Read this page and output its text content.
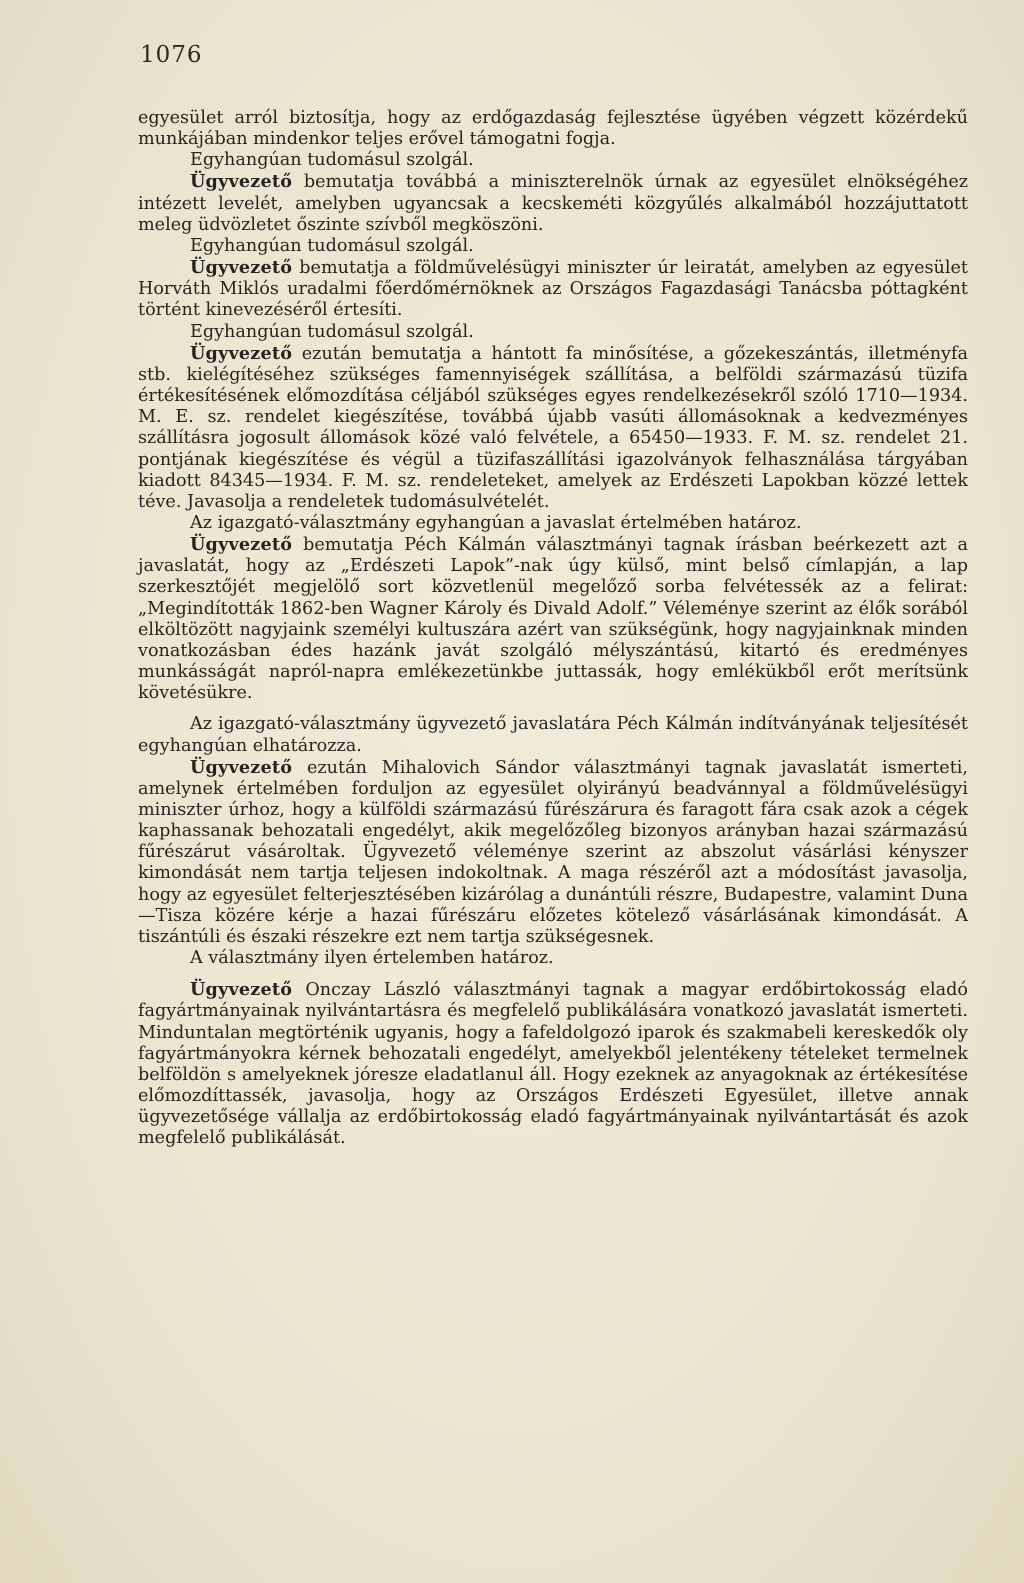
1076

egyesület arról biztosítja, hogy az erdőgazdaság fejlesztése ügyében végzett közérdekű munkájában mindenkor teljes erővel támogatni fogja.

Egyhangúan tudomásul szolgál.

Ügyvezető bemutatja továbbá a miniszterelnök úrnak az egyesület elnökségéhez intézett levelét, amelyben ugyancsak a kecskeméti közgyűlés alkalmából hozzájuttatott meleg üdvözletet őszinte szívből megköszöni.

Egyhangúan tudomásul szolgál.

Ügyvezető bemutatja a földművelésügyi miniszter úr leiratát, amelyben az egyesület Horváth Miklós uradalmi főerdőmérnöknek az Országos Fagazdasági Tanácsba póttagként történt kinevezéséről értesíti.

Egyhangúan tudomásul szolgál.

Ügyvezető ezután bemutatja a hántott fa minősítése, a gőzekeszántás, illetményfa stb. kielégítéséhez szükséges famennyiségek szállítása, a belföldi származású tüzifa értékesítésének előmozdítása céljából szükséges egyes rendelkezésekről szóló 1710—1934. M. E. sz. rendelet kiegészítése, továbbá újabb vasúti állomásoknak a kedvezményes szállításra jogosult állomások közé való felvétele, a 65450—1933. F. M. sz. rendelet 21. pontjának kiegészítése és végül a tüzifaszállítási igazolványok felhasználása tárgyában kiadott 84345—1934. F. M. sz. rendeleteket, amelyek az Erdészeti Lapokban közzé lettek téve. Javasolja a rendeletek tudomásulvételét.

Az igazgató-választmány egyhangúan a javaslat értelmében határoz.

Ügyvezető bemutatja Péch Kálmán választmányi tagnak írásban beérkezett azt a javaslatát, hogy az „Erdészeti Lapok”-nak úgy külső, mint belső címlapján, a lap szerkesztőjét megjelölő sort közvetlenül megelőző sorba felvétessék az a felirat: „Megindították 1862-ben Wagner Károly és Divald Adolf.” Véleménye szerint az élők sorából elköltözött nagyjaink személyi kultuszára azért van szükségünk, hogy nagyjainknak minden vonatkozásban édes hazánk javát szolgáló mélyszántású, kitartó és eredményes munkásságát napról-napra emlékezetünkbe juttassák, hogy emlékükből erőt merítsünk követésükre.

Az igazgató-választmány ügyvezető javaslatára Péch Kálmán indítványának teljesítését egyhangúan elhatározza.

Ügyvezető ezután Mihalovich Sándor választmányi tagnak javaslatát ismerteti, amelynek értelmében forduljon az egyesület olyirányú beadvánnyal a földművelésügyi miniszter úrhoz, hogy a külföldi származású fűrészárura és faragott fára csak azok a cégek kaphassanak behozatali engedélyt, akik megelőzőleg bizonyos arányban hazai származású fűrészárut vásároltak. Ügyvezető véleménye szerint az abszolut vásárlási kényszer kimondását nem tartja teljesen indokoltnak. A maga részéről azt a módosítást javasolja, hogy az egyesület felterjesztésében kizárólag a dunántúli részre, Budapestre, valamint Duna—Tisza közére kérje a hazai fűrészáru előzetes kötelező vásárlásának kimondását. A tiszántúli és északi részekre ezt nem tartja szükségesnek.

A választmány ilyen értelemben határoz.

Ügyvezető Onczay László választmányi tagnak a magyar erdőbirtokosság eladó fagyártmányainak nyilvántartásra és megfelelő publikálására vonatkozó javaslatát ismerteti. Minduntalan megtörténik ugyanis, hogy a fafeldolgozó iparok és szakmabeli kereskedők oly fagyártmányokra kérnek behozatali engedélyt, amelyekből jelentékeny tételeket termelnek belföldön s amelyeknek jóresze eladatlanul áll. Hogy ezeknek az anyagoknak az értékesítése előmozdíttassék, javasolja, hogy az Országos Erdészeti Egyesület, illetve annak ügyvezetősége vállalja az erdőbirtokosság eladó fagyártmányainak nyilvántartását és azok megfelelő publikálását.
